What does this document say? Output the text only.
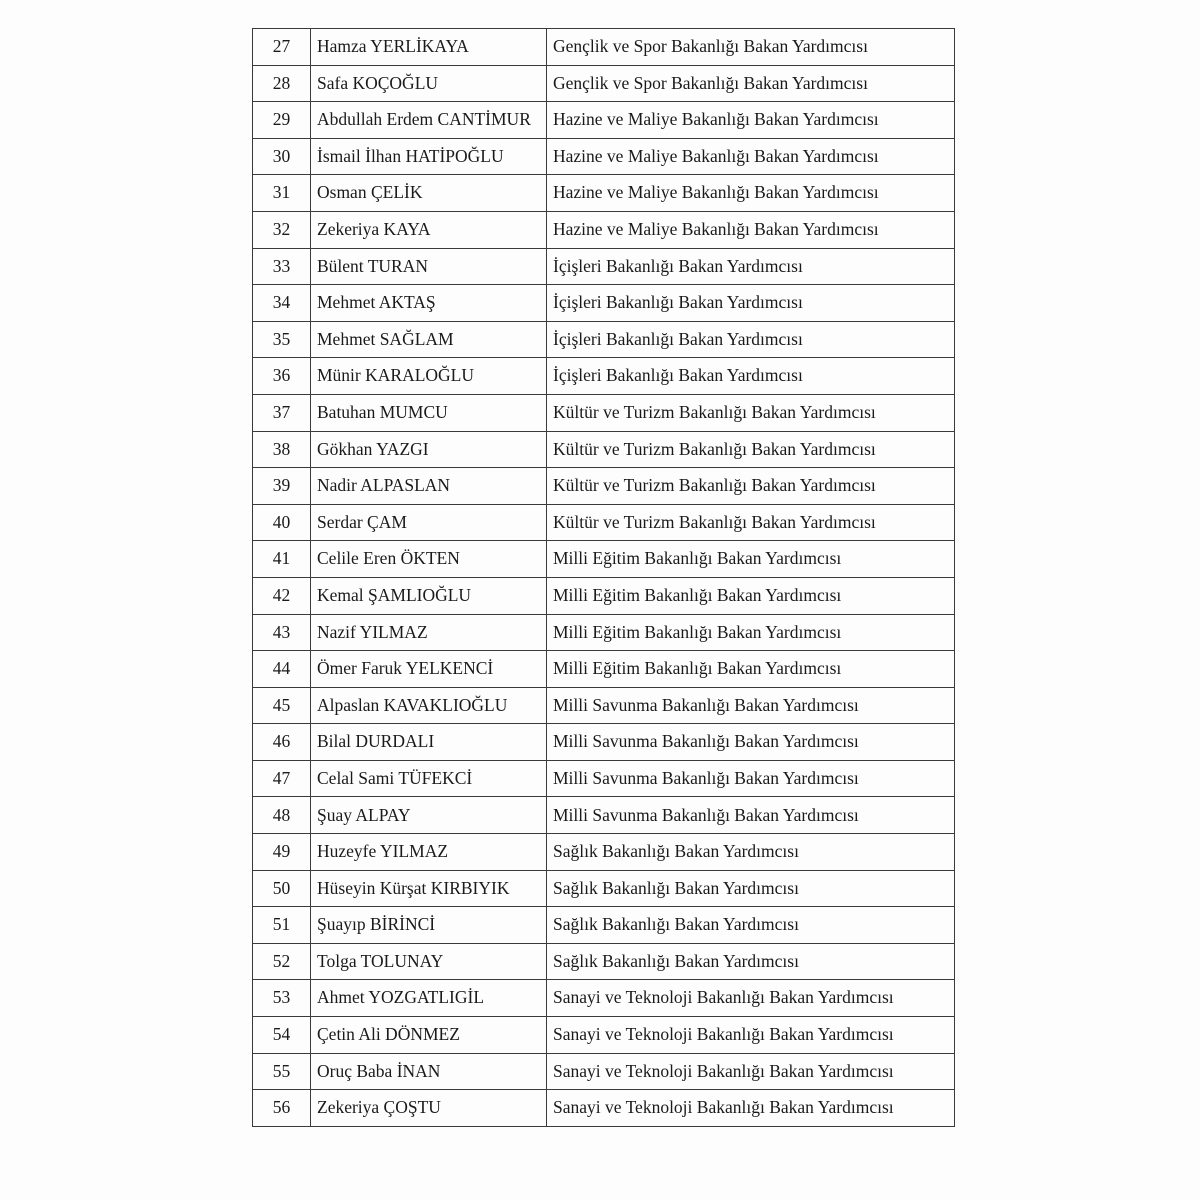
27	Hamza YERLİKAYA	Gençlik ve Spor Bakanlığı Bakan Yardımcısı
28	Safa KOÇOĞLU	Gençlik ve Spor Bakanlığı Bakan Yardımcısı
29	Abdullah Erdem CANTİMUR	Hazine ve Maliye Bakanlığı Bakan Yardımcısı
30	İsmail İlhan HATİPOĞLU	Hazine ve Maliye Bakanlığı Bakan Yardımcısı
31	Osman ÇELİK	Hazine ve Maliye Bakanlığı Bakan Yardımcısı
32	Zekeriya KAYA	Hazine ve Maliye Bakanlığı Bakan Yardımcısı
33	Bülent TURAN	İçişleri Bakanlığı Bakan Yardımcısı
34	Mehmet AKTAŞ	İçişleri Bakanlığı Bakan Yardımcısı
35	Mehmet SAĞLAM	İçişleri Bakanlığı Bakan Yardımcısı
36	Münir KARALOĞLU	İçişleri Bakanlığı Bakan Yardımcısı
37	Batuhan MUMCU	Kültür ve Turizm Bakanlığı Bakan Yardımcısı
38	Gökhan YAZGI	Kültür ve Turizm Bakanlığı Bakan Yardımcısı
39	Nadir ALPASLAN	Kültür ve Turizm Bakanlığı Bakan Yardımcısı
40	Serdar ÇAM	Kültür ve Turizm Bakanlığı Bakan Yardımcısı
41	Celile Eren ÖKTEN	Milli Eğitim Bakanlığı Bakan Yardımcısı
42	Kemal ŞAMLIOĞLU	Milli Eğitim Bakanlığı Bakan Yardımcısı
43	Nazif YILMAZ	Milli Eğitim Bakanlığı Bakan Yardımcısı
44	Ömer Faruk YELKENCİ	Milli Eğitim Bakanlığı Bakan Yardımcısı
45	Alpaslan KAVAKLIOĞLU	Milli Savunma Bakanlığı Bakan Yardımcısı
46	Bilal DURDALI	Milli Savunma Bakanlığı Bakan Yardımcısı
47	Celal Sami TÜFEKCİ	Milli Savunma Bakanlığı Bakan Yardımcısı
48	Şuay ALPAY	Milli Savunma Bakanlığı Bakan Yardımcısı
49	Huzeyfe YILMAZ	Sağlık Bakanlığı Bakan Yardımcısı
50	Hüseyin Kürşat KIRBIYIK	Sağlık Bakanlığı Bakan Yardımcısı
51	Şuayıp BİRİNCİ	Sağlık Bakanlığı Bakan Yardımcısı
52	Tolga TOLUNAY	Sağlık Bakanlığı Bakan Yardımcısı
53	Ahmet YOZGATLIGİL	Sanayi ve Teknoloji Bakanlığı Bakan Yardımcısı
54	Çetin Ali DÖNMEZ	Sanayi ve Teknoloji Bakanlığı Bakan Yardımcısı
55	Oruç Baba İNAN	Sanayi ve Teknoloji Bakanlığı Bakan Yardımcısı
56	Zekeriya ÇOŞTU	Sanayi ve Teknoloji Bakanlığı Bakan Yardımcısı
